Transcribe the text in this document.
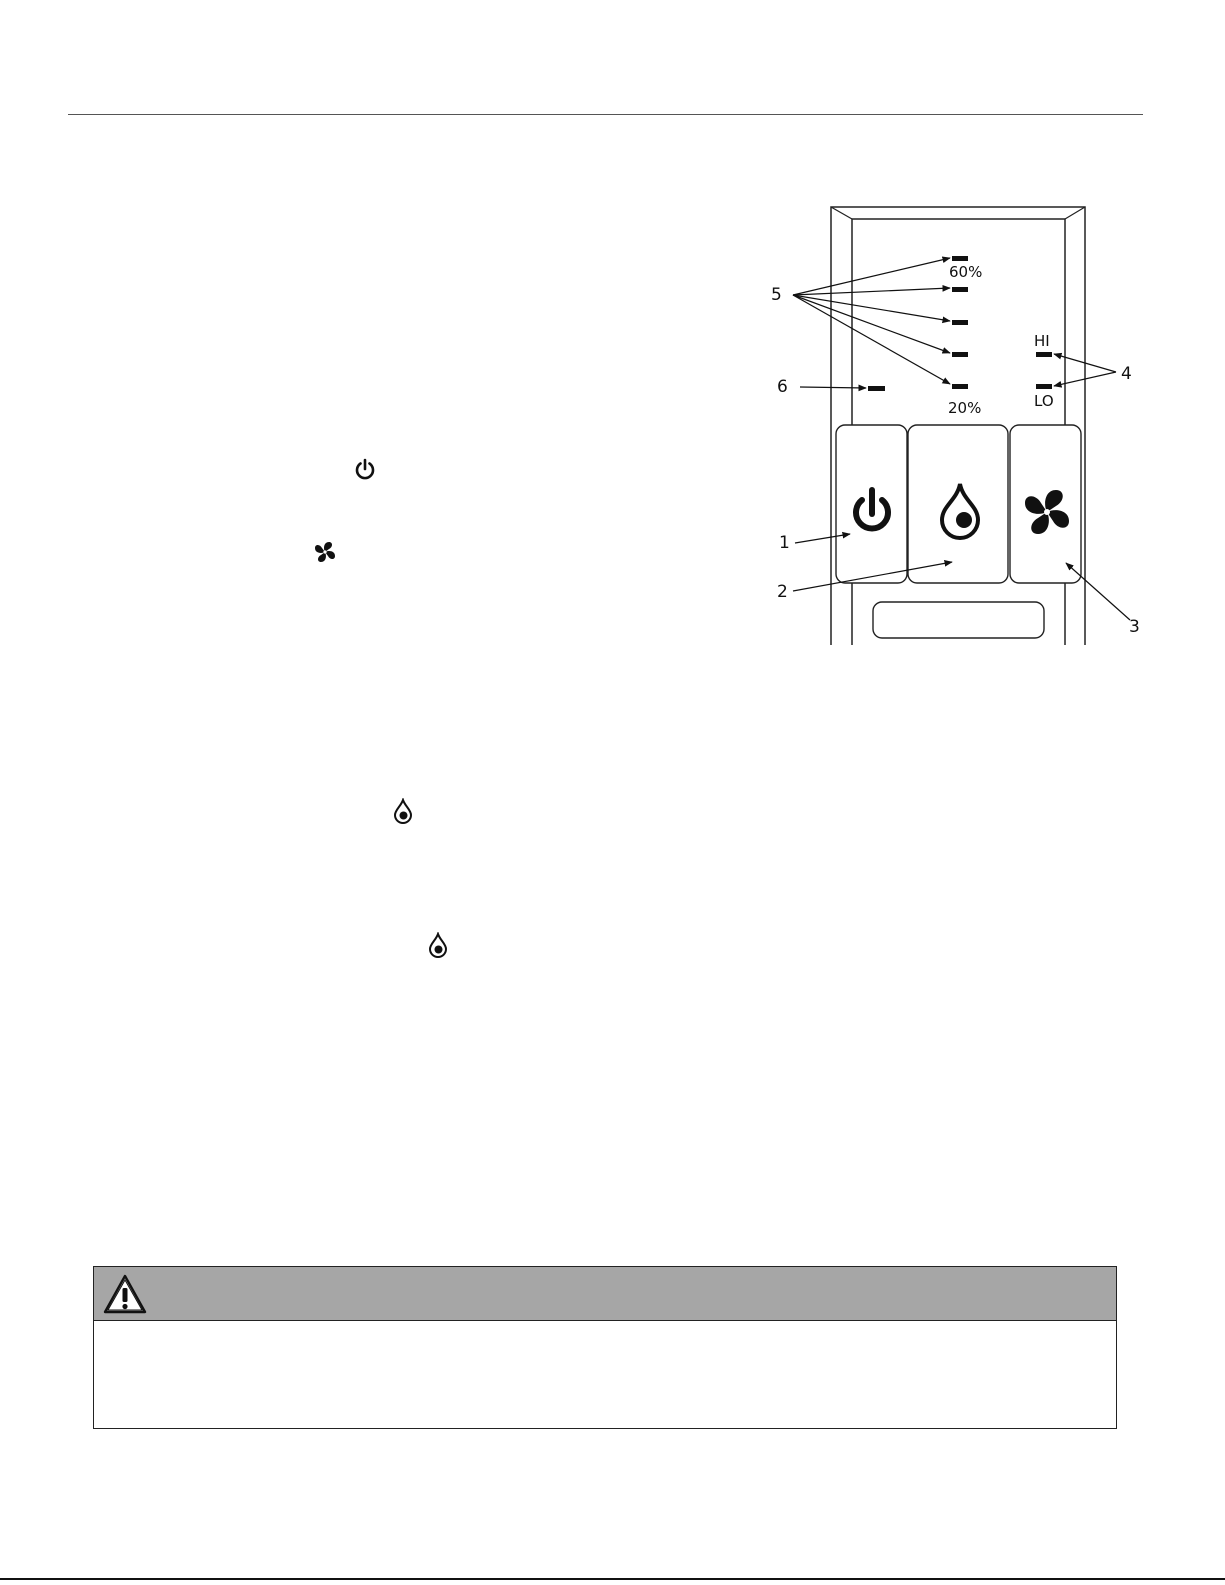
60%
20%
HI
LO
5
6
4
1
2
3
